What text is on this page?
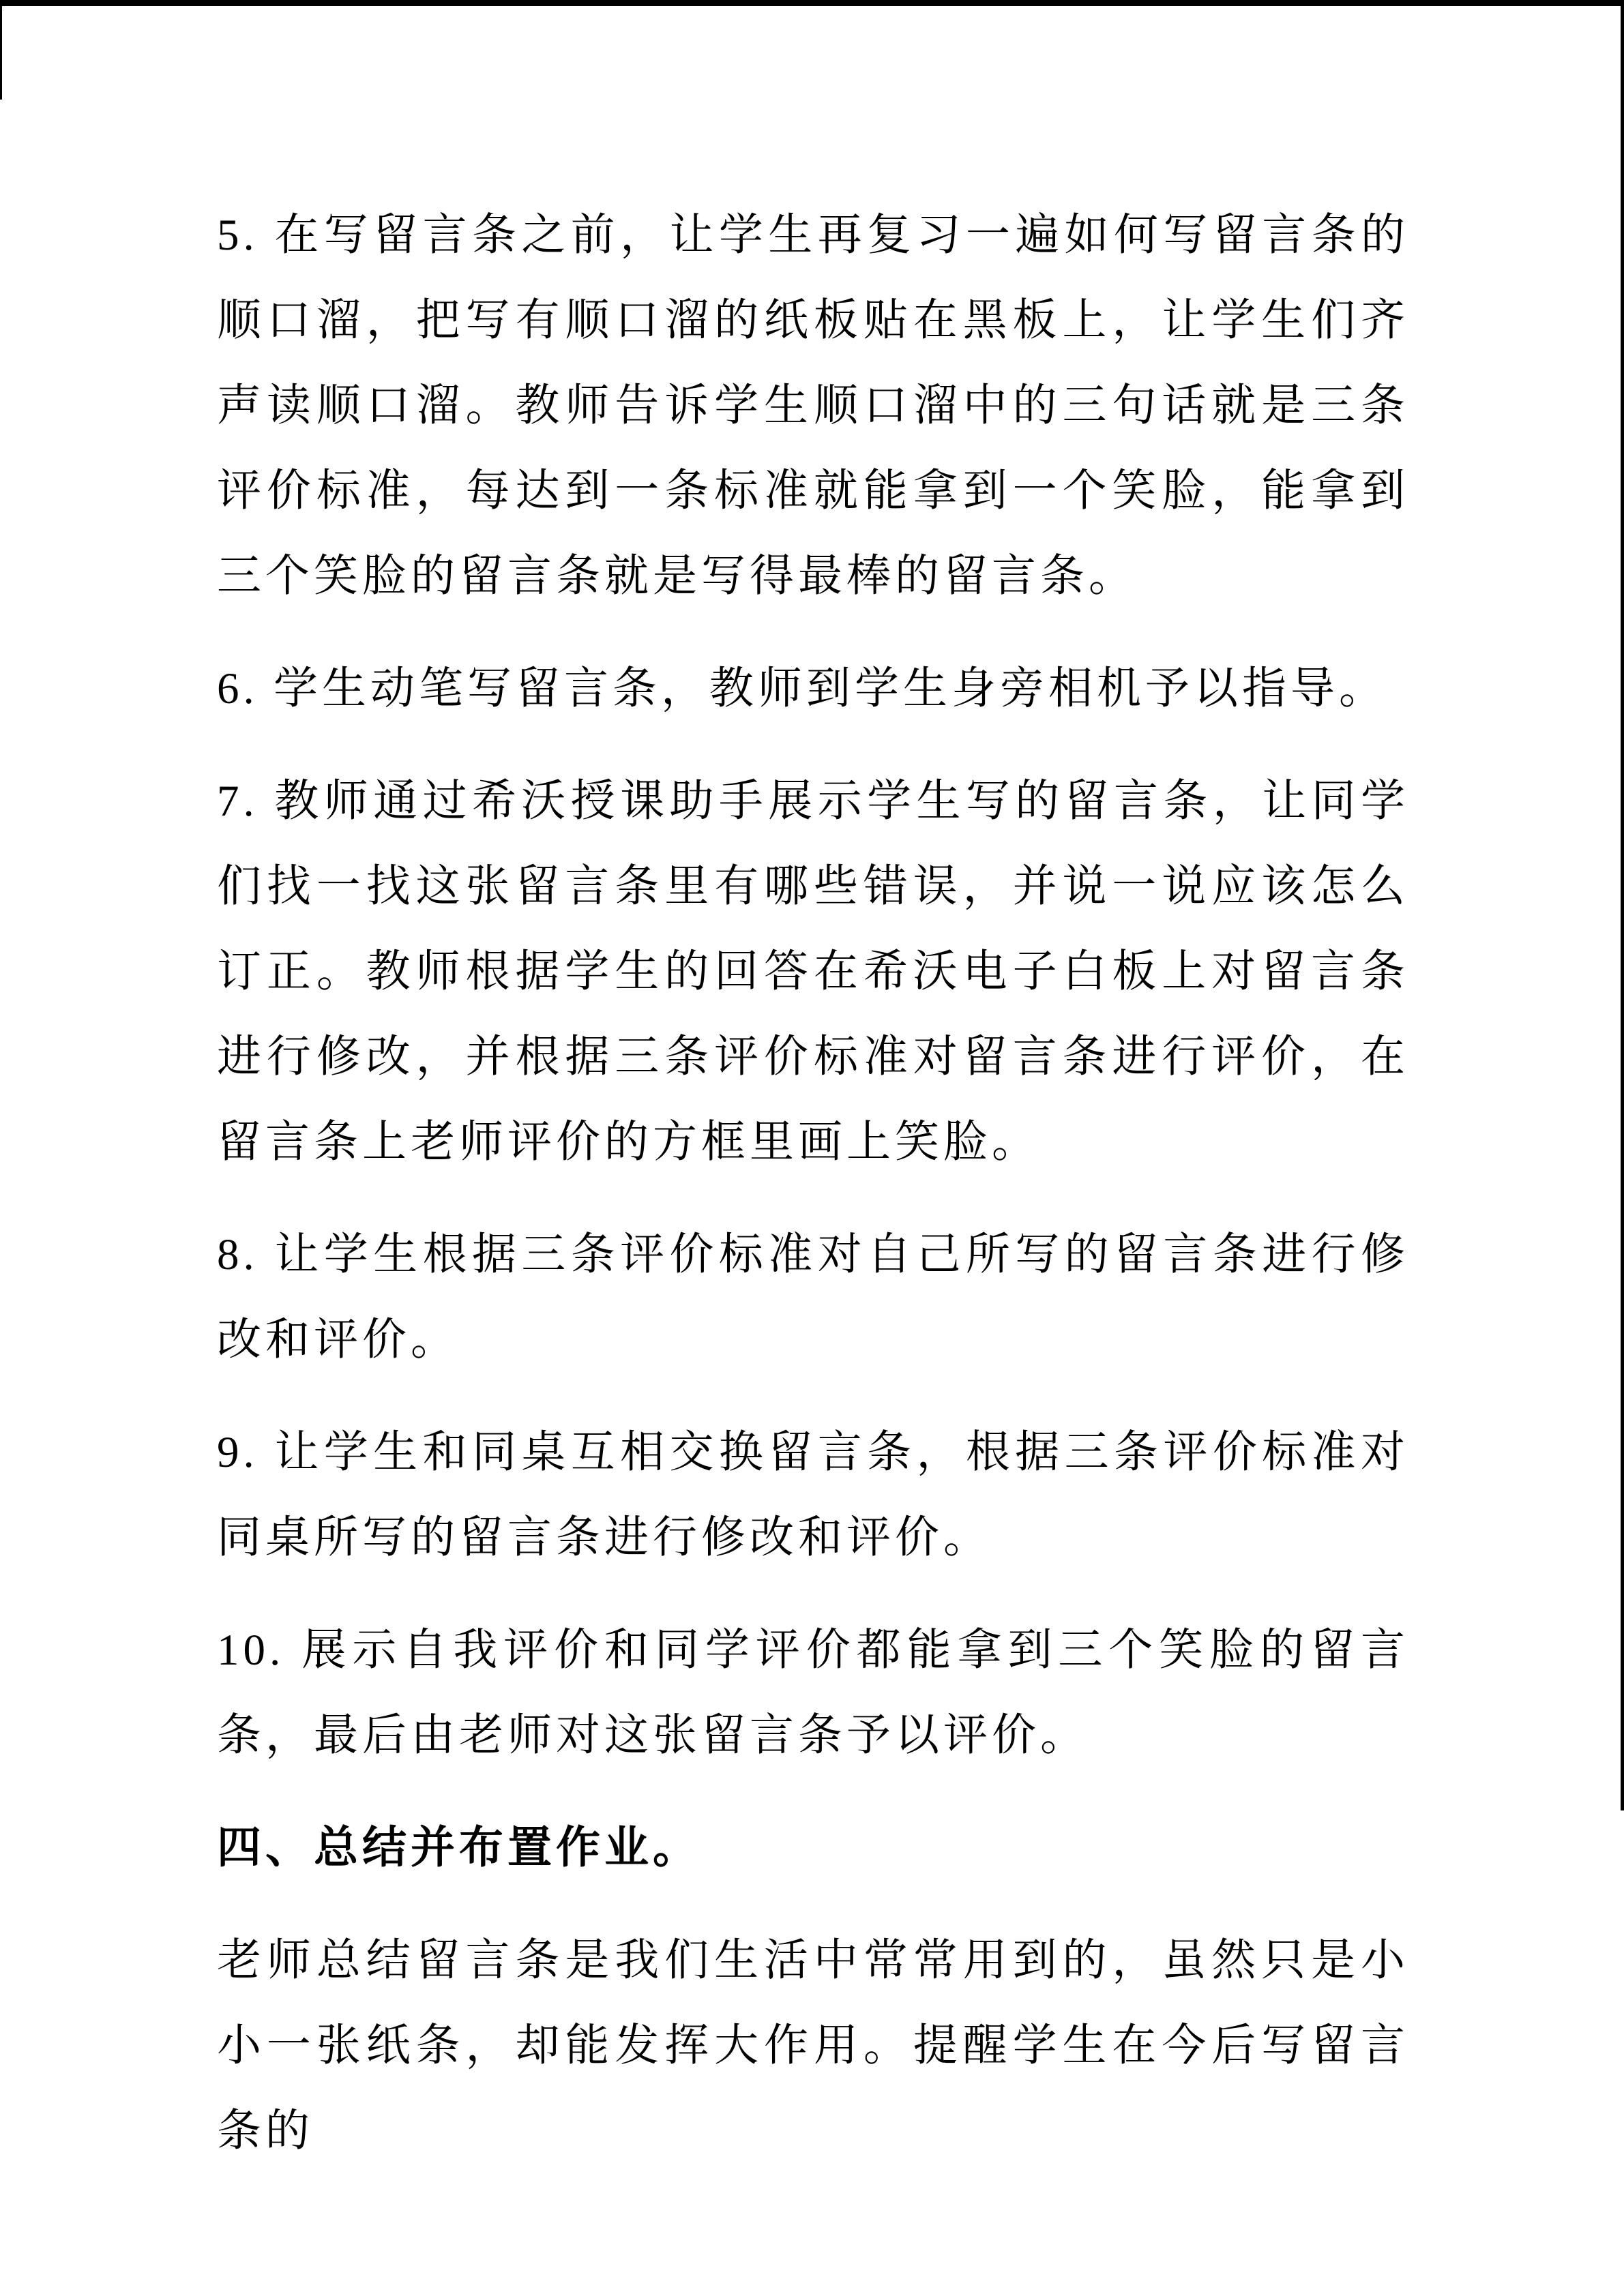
5. 在写留言条之前，让学生再复习一遍如何写留言条的顺口溜，把写有顺口溜的纸板贴在黑板上，让学生们齐声读顺口溜。教师告诉学生顺口溜中的三句话就是三条评价标准，每达到一条标准就能拿到一个笑脸，能拿到三个笑脸的留言条就是写得最棒的留言条。

6. 学生动笔写留言条，教师到学生身旁相机予以指导。

7. 教师通过希沃授课助手展示学生写的留言条，让同学们找一找这张留言条里有哪些错误，并说一说应该怎么订正。教师根据学生的回答在希沃电子白板上对留言条进行修改，并根据三条评价标准对留言条进行评价，在留言条上老师评价的方框里画上笑脸。

8. 让学生根据三条评价标准对自己所写的留言条进行修改和评价。

9. 让学生和同桌互相交换留言条，根据三条评价标准对同桌所写的留言条进行修改和评价。

10. 展示自我评价和同学评价都能拿到三个笑脸的留言条，最后由老师对这张留言条予以评价。

四、总结并布置作业。

老师总结留言条是我们生活中常常用到的，虽然只是小小一张纸条，却能发挥大作用。提醒学生在今后写留言条的
